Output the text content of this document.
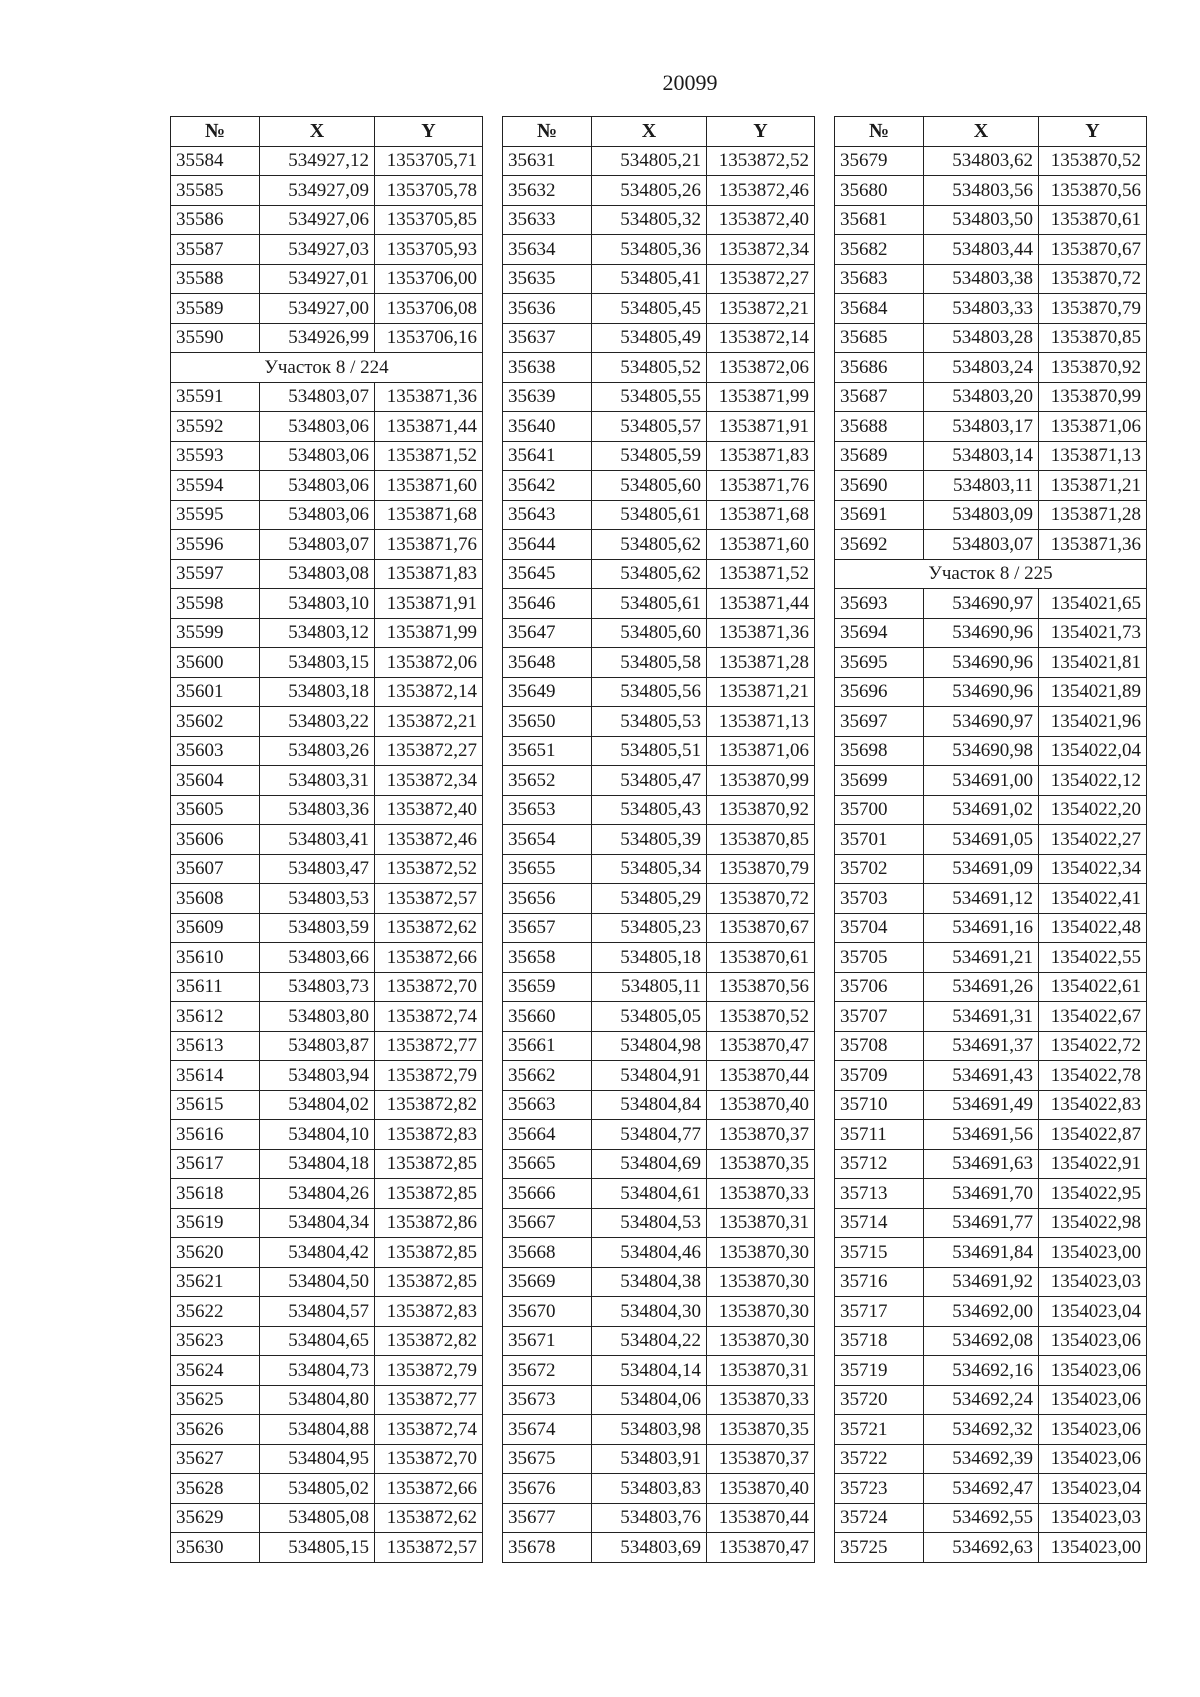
20099
№	X	Y
35584	534927,12	1353705,71
35585	534927,09	1353705,78
35586	534927,06	1353705,85
35587	534927,03	1353705,93
35588	534927,01	1353706,00
35589	534927,00	1353706,08
35590	534926,99	1353706,16
Участок 8 / 224		
35591	534803,07	1353871,36
35592	534803,06	1353871,44
35593	534803,06	1353871,52
35594	534803,06	1353871,60
35595	534803,06	1353871,68
35596	534803,07	1353871,76
35597	534803,08	1353871,83
35598	534803,10	1353871,91
35599	534803,12	1353871,99
35600	534803,15	1353872,06
35601	534803,18	1353872,14
35602	534803,22	1353872,21
35603	534803,26	1353872,27
35604	534803,31	1353872,34
35605	534803,36	1353872,40
35606	534803,41	1353872,46
35607	534803,47	1353872,52
35608	534803,53	1353872,57
35609	534803,59	1353872,62
35610	534803,66	1353872,66
35611	534803,73	1353872,70
35612	534803,80	1353872,74
35613	534803,87	1353872,77
35614	534803,94	1353872,79
35615	534804,02	1353872,82
35616	534804,10	1353872,83
35617	534804,18	1353872,85
35618	534804,26	1353872,85
35619	534804,34	1353872,86
35620	534804,42	1353872,85
35621	534804,50	1353872,85
35622	534804,57	1353872,83
35623	534804,65	1353872,82
35624	534804,73	1353872,79
35625	534804,80	1353872,77
35626	534804,88	1353872,74
35627	534804,95	1353872,70
35628	534805,02	1353872,66
35629	534805,08	1353872,62
35630	534805,15	1353872,57
№	X	Y
35631	534805,21	1353872,52
35632	534805,26	1353872,46
35633	534805,32	1353872,40
35634	534805,36	1353872,34
35635	534805,41	1353872,27
35636	534805,45	1353872,21
35637	534805,49	1353872,14
35638	534805,52	1353872,06
35639	534805,55	1353871,99
35640	534805,57	1353871,91
35641	534805,59	1353871,83
35642	534805,60	1353871,76
35643	534805,61	1353871,68
35644	534805,62	1353871,60
35645	534805,62	1353871,52
35646	534805,61	1353871,44
35647	534805,60	1353871,36
35648	534805,58	1353871,28
35649	534805,56	1353871,21
35650	534805,53	1353871,13
35651	534805,51	1353871,06
35652	534805,47	1353870,99
35653	534805,43	1353870,92
35654	534805,39	1353870,85
35655	534805,34	1353870,79
35656	534805,29	1353870,72
35657	534805,23	1353870,67
35658	534805,18	1353870,61
35659	534805,11	1353870,56
35660	534805,05	1353870,52
35661	534804,98	1353870,47
35662	534804,91	1353870,44
35663	534804,84	1353870,40
35664	534804,77	1353870,37
35665	534804,69	1353870,35
35666	534804,61	1353870,33
35667	534804,53	1353870,31
35668	534804,46	1353870,30
35669	534804,38	1353870,30
35670	534804,30	1353870,30
35671	534804,22	1353870,30
35672	534804,14	1353870,31
35673	534804,06	1353870,33
35674	534803,98	1353870,35
35675	534803,91	1353870,37
35676	534803,83	1353870,40
35677	534803,76	1353870,44
35678	534803,69	1353870,47
№	X	Y
35679	534803,62	1353870,52
35680	534803,56	1353870,56
35681	534803,50	1353870,61
35682	534803,44	1353870,67
35683	534803,38	1353870,72
35684	534803,33	1353870,79
35685	534803,28	1353870,85
35686	534803,24	1353870,92
35687	534803,20	1353870,99
35688	534803,17	1353871,06
35689	534803,14	1353871,13
35690	534803,11	1353871,21
35691	534803,09	1353871,28
35692	534803,07	1353871,36
Участок 8 / 225		
35693	534690,97	1354021,65
35694	534690,96	1354021,73
35695	534690,96	1354021,81
35696	534690,96	1354021,89
35697	534690,97	1354021,96
35698	534690,98	1354022,04
35699	534691,00	1354022,12
35700	534691,02	1354022,20
35701	534691,05	1354022,27
35702	534691,09	1354022,34
35703	534691,12	1354022,41
35704	534691,16	1354022,48
35705	534691,21	1354022,55
35706	534691,26	1354022,61
35707	534691,31	1354022,67
35708	534691,37	1354022,72
35709	534691,43	1354022,78
35710	534691,49	1354022,83
35711	534691,56	1354022,87
35712	534691,63	1354022,91
35713	534691,70	1354022,95
35714	534691,77	1354022,98
35715	534691,84	1354023,00
35716	534691,92	1354023,03
35717	534692,00	1354023,04
35718	534692,08	1354023,06
35719	534692,16	1354023,06
35720	534692,24	1354023,06
35721	534692,32	1354023,06
35722	534692,39	1354023,06
35723	534692,47	1354023,04
35724	534692,55	1354023,03
35725	534692,63	1354023,00
